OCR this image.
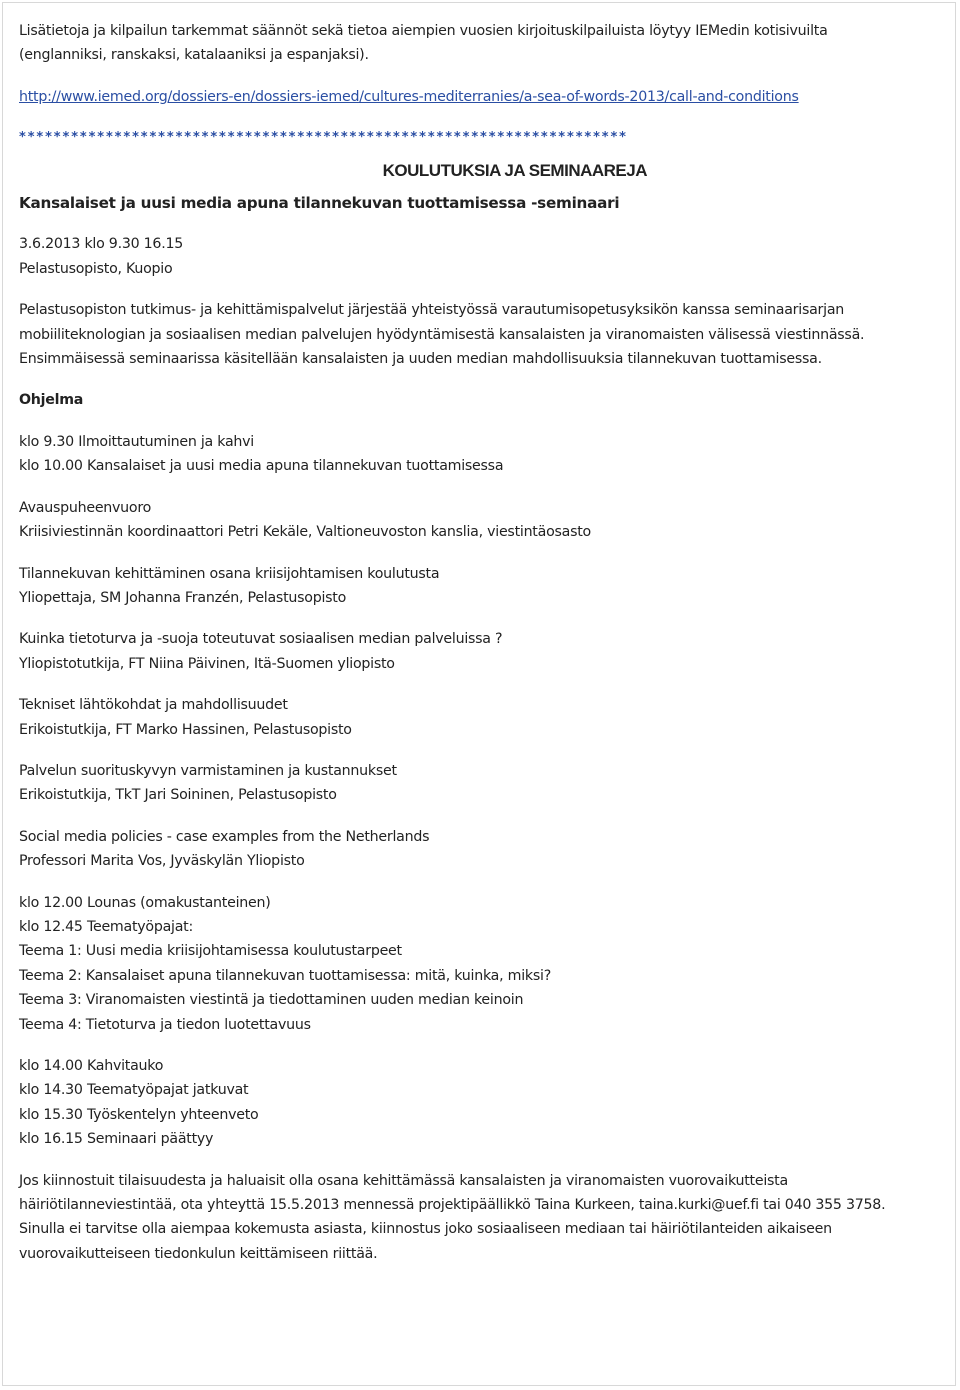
Lisätietoja ja kilpailun tarkemmat säännöt sekä tietoa aiempien vuosien kirjoituskilpailuista löytyy IEMedin kotisivuilta

(englanniksi, ranskaksi, katalaaniksi ja espanjaksi).

http://www.iemed.org/dossiers-en/dossiers-iemed/cultures-mediterranies/a-sea-of-words-2013/call-and-conditions

**********************************************************************

KOULUTUKSIA JA SEMINAAREJA

Kansalaiset ja uusi media apuna tilannekuvan tuottamisessa -seminaari

3.6.2013 klo 9.30 16.15

Pelastusopisto, Kuopio

Pelastusopiston tutkimus- ja kehittämispalvelut järjestää yhteistyössä varautumisopetusyksikön kanssa seminaarisarjan

mobiiliteknologian ja sosiaalisen median palvelujen hyödyntämisestä kansalaisten ja viranomaisten välisessä viestinnässä.

Ensimmäisessä seminaarissa käsitellään kansalaisten ja uuden median mahdollisuuksia tilannekuvan tuottamisessa.

Ohjelma

klo 9.30 Ilmoittautuminen ja kahvi

klo 10.00 Kansalaiset ja uusi media apuna tilannekuvan tuottamisessa

Avauspuheenvuoro

Kriisiviestinnän koordinaattori Petri Kekäle, Valtioneuvoston kanslia, viestintäosasto

Tilannekuvan kehittäminen osana kriisijohtamisen koulutusta

Yliopettaja, SM Johanna Franzén, Pelastusopisto

Kuinka tietoturva ja -suoja toteutuvat sosiaalisen median palveluissa ?

Yliopistotutkija, FT Niina Päivinen, Itä-Suomen yliopisto

Tekniset lähtökohdat ja mahdollisuudet

Erikoistutkija, FT Marko Hassinen, Pelastusopisto

Palvelun suorituskyvyn varmistaminen ja kustannukset

Erikoistutkija, TkT Jari Soininen, Pelastusopisto

Social media policies - case examples from the Netherlands

Professori Marita Vos, Jyväskylän Yliopisto

klo 12.00 Lounas (omakustanteinen)

klo 12.45 Teematyöpajat:

Teema 1: Uusi media kriisijohtamisessa koulutustarpeet

Teema 2: Kansalaiset apuna tilannekuvan tuottamisessa: mitä, kuinka, miksi?

Teema 3: Viranomaisten viestintä ja tiedottaminen uuden median keinoin

Teema 4: Tietoturva ja tiedon luotettavuus

klo 14.00 Kahvitauko

klo 14.30 Teematyöpajat jatkuvat

klo 15.30 Työskentelyn yhteenveto

klo 16.15 Seminaari päättyy

Jos kiinnostuit tilaisuudesta ja haluaisit olla osana kehittämässä kansalaisten ja viranomaisten vuorovaikutteista

häiriötilanneviestintää, ota yhteyttä 15.5.2013 mennessä projektipäällikkö Taina Kurkeen, taina.kurki@uef.fi tai 040 355 3758.

Sinulla ei tarvitse olla aiempaa kokemusta asiasta, kiinnostus joko sosiaaliseen mediaan tai häiriötilanteiden aikaiseen

vuorovaikutteiseen tiedonkulun keittämiseen riittää.
